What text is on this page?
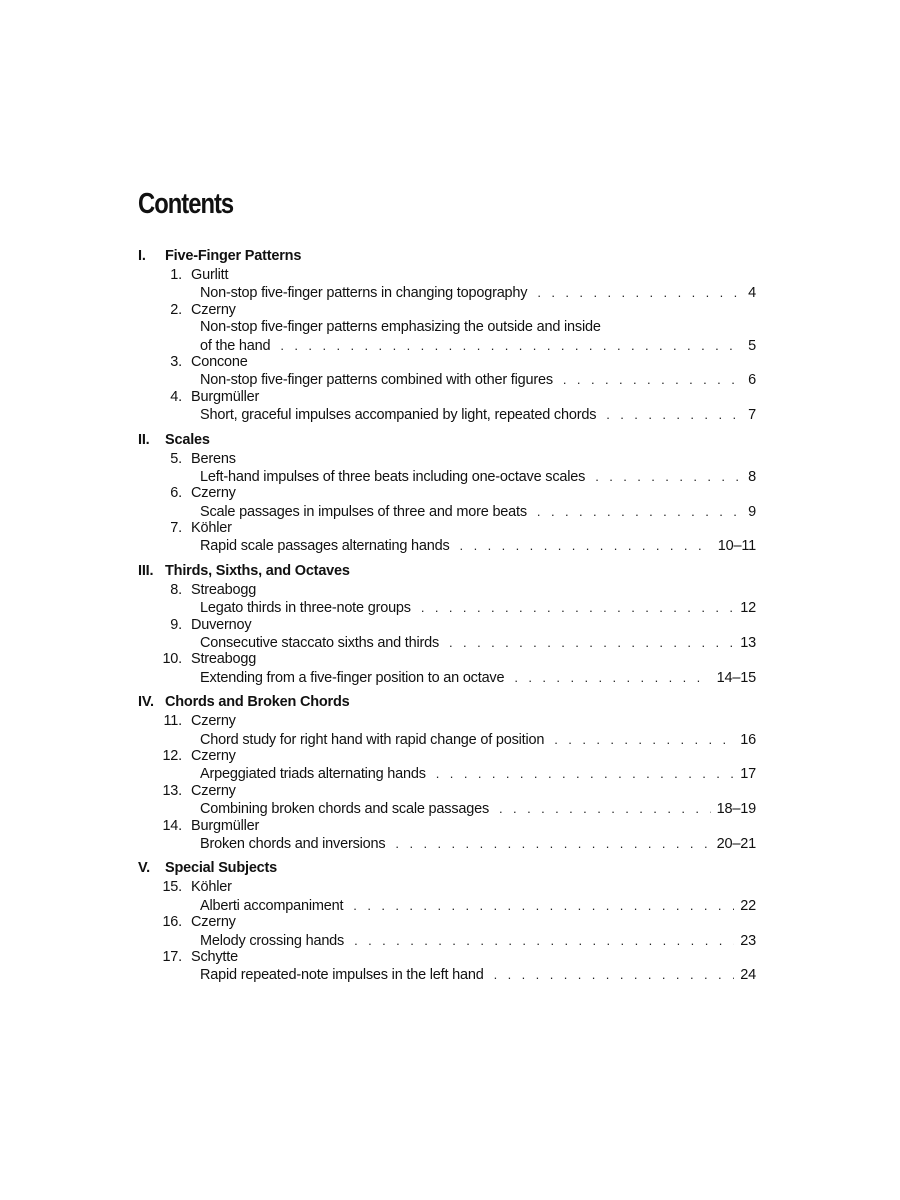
Contents
I.	Five-Finger Patterns
1. Gurlitt
Non-stop five-finger patterns in changing topography . . .	4
2. Czerny
Non-stop five-finger patterns emphasizing the outside and inside
of the hand . . .	5
3. Concone
Non-stop five-finger patterns combined with other figures . . .	6
4. Burgmüller
Short, graceful impulses accompanied by light, repeated chords . . .	7
II.	Scales
5. Berens
Left-hand impulses of three beats including one-octave scales . . .	8
6. Czerny
Scale passages in impulses of three and more beats . . .	9
7. Köhler
Rapid scale passages alternating hands . . .	10–11
III. Thirds, Sixths, and Octaves
8. Streabogg
Legato thirds in three-note groups . . .	12
9. Duvernoy
Consecutive staccato sixths and thirds . . .	13
10. Streabogg
Extending from a five-finger position to an octave . . .	14–15
IV. Chords and Broken Chords
11. Czerny
Chord study for right hand with rapid change of position . . .	16
12. Czerny
Arpeggiated triads alternating hands . . .	17
13. Czerny
Combining broken chords and scale passages . . .	18–19
14. Burgmüller
Broken chords and inversions . . .	20–21
V.	Special Subjects
15. Köhler
Alberti accompaniment . . .	22
16. Czerny
Melody crossing hands . . .	23
17. Schytte
Rapid repeated-note impulses in the left hand . . .	24
